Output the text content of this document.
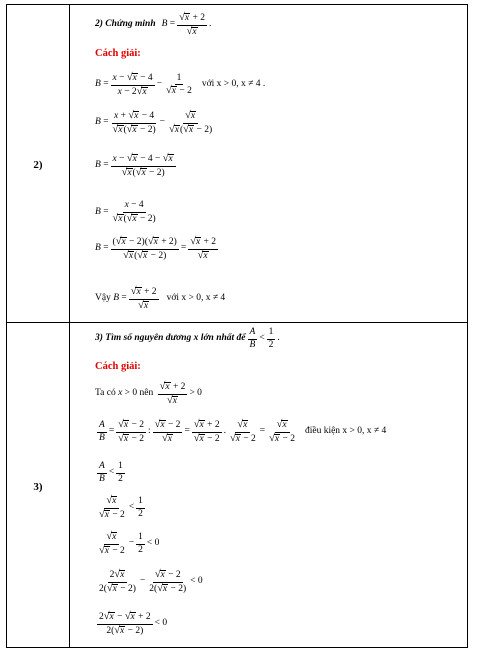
2)
3)
2) Chứng minh $B = \frac{√ x + 2}{√ x}$ .
Cách giải:
$B = \frac{x - √ x - 4}{x - 2 √ x} - \frac{1}{√ x - 2}$ với x > 0, x ≠ 4 .
$B = \frac{x + √ x - 4}{√ x ( √ x - 2)} - \frac{√ x}{√ x ( √ x - 2)}$
$B = \frac{x - √ x - 4 - √ x}{√ x ( √ x - 2)}$
$B = \frac{x - 4}{√ x ( √ x - 2)}$
$B = \frac{( √ x - 2)( √ x + 2)}{√ x ( √ x - 2)} = \frac{√ x + 2}{√ x}$
Vậy
$B = \frac{√ x + 2}{√ x}$ với x > 0, x ≠ 4
3) Tìm số nguyên dương x lớn nhất để $\frac{A}{B} < \frac{1}{2}$ .
Cách giải:
Ta có
x > 0 nên
$\frac{√ x + 2}{√ x} > 0$
$\frac{A}{B} = \frac{√ x - 2}{√ x - 2}$ : $\frac{√ x - 2}{√ x} = \frac{√ x + 2}{√ x - 2}$ . $\frac{√ x}{√ x - 2} = \frac{√ x}{√ x - 2}$ điều kiện x > 0, x ≠ 4
$\frac{A}{B} < \frac{1}{2}$
$\frac{√ x}{√ x - 2} < \frac{1}{2}$
$\frac{√ x}{√ x - 2} - \frac{1}{2} < 0$
$\frac{2 √ x}{2( √ x - 2)} - \frac{√ x - 2}{2( √ x - 2)} < 0$
$\frac{2 √ x - √ x + 2}{2( √ x - 2)} < 0$
